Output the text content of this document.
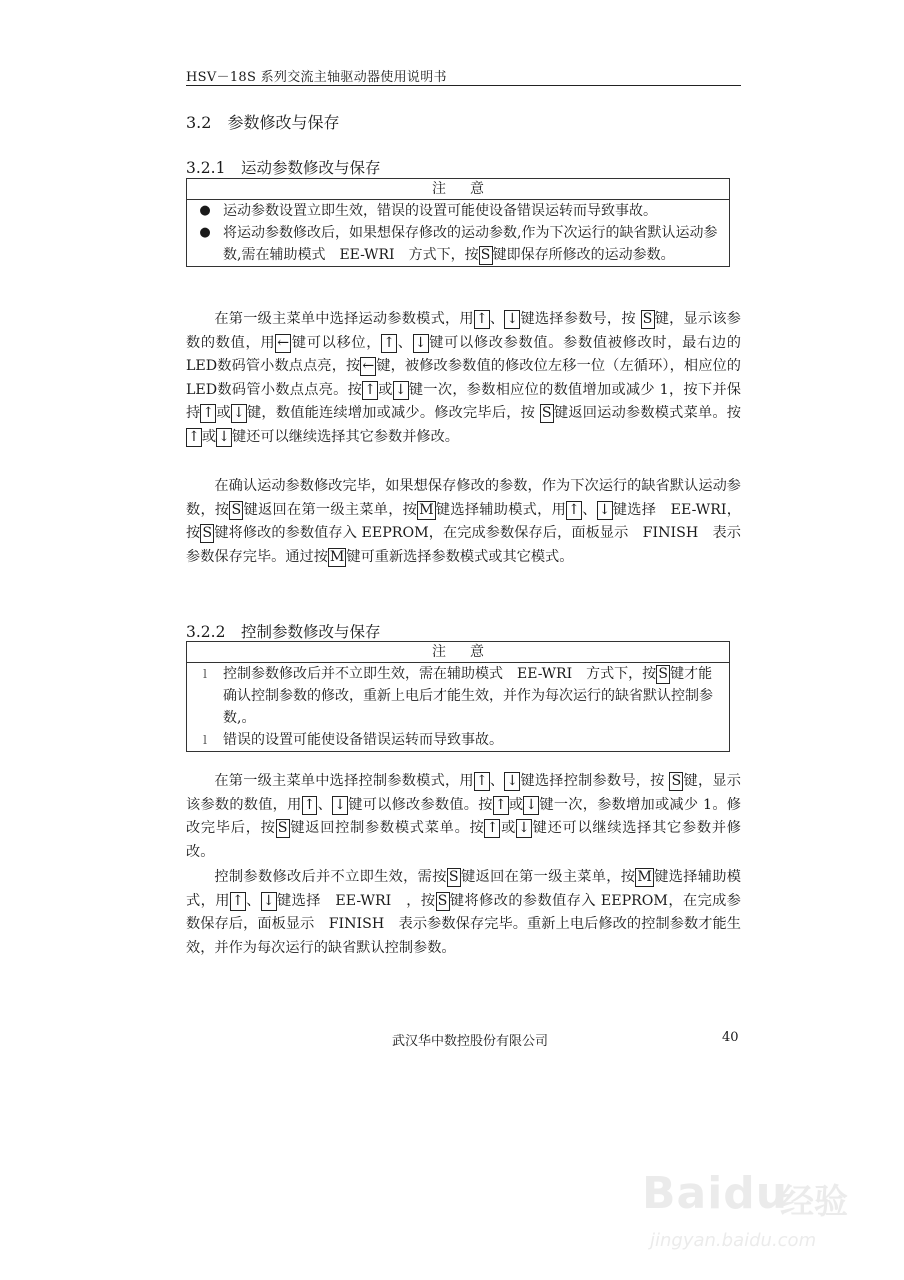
HSV－18S 系列交流主轴驱动器使用说明书
3.2　参数修改与保存
3.2.1　运动参数修改与保存
注意
● 运动参数设置立即生效，错误的设置可能使设备错误运转而导致事故。
● 将运动参数修改后，如果想保存修改的运动参数,作为下次运行的缺省默认运动参数,需在辅助模式　EE-WRI　方式下，按 S 键即保存所修改的运动参数。
在第一级主菜单中选择运动参数模式，用 ↑ 、 ↓ 键选择参数号，按 S 键，显示该参数的数值，用 ← 键可以移位， ↑ 、 ↓ 键可以修改参数值。参数值被修改时，最右边的 LED数码管小数点点亮，按 ← 键，被修改参数值的修改位左移一位（左循环），相应位的 LED数码管小数点点亮。按 ↑ 或 ↓ 键一次，参数相应位的数值增加或减少 1，按下并保持 ↑ 或 ↓ 键，数值能连续增加或减少。修改完毕后，按 S 键返回运动参数模式菜单。按↑ 或 ↓ 键还可以继续选择其它参数并修改。
在确认运动参数修改完毕，如果想保存修改的参数，作为下次运行的缺省默认运动参数，按 S 键返回在第一级主菜单，按 M 键选择辅助模式，用 ↑ 、 ↓ 键选择　EE-WRI，按 S 键将修改的参数值存入 EEPROM，在完成参数保存后，面板显示　FINISH　表示参数保存完毕。通过按 M 键可重新选择参数模式或其它模式。
3.2.2　控制参数修改与保存
注意
l	控制参数修改后并不立即生效，需在辅助模式　EE-WRI　方式下，按 S 键才能确认控制参数的修改，重新上电后才能生效，并作为每次运行的缺省默认控制参数,。
l	错误的设置可能使设备错误运转而导致事故。
在第一级主菜单中选择控制参数模式，用 ↑ 、 ↓ 键选择控制参数号，按 S 键，显示该参数的数值，用 ↑ 、 ↓ 键可以修改参数值。按 ↑ 或 ↓ 键一次，参数增加或减少 1。修改完毕后，按 S 键返回控制参数模式菜单。按 ↑ 或 ↓ 键还可以继续选择其它参数并修改。
控制参数修改后并不立即生效，需按 S 键返回在第一级主菜单，按 M 键选择辅助模式，用 ↑ 、 ↓ 键选择　EE-WRI　，按 S 键将修改的参数值存入 EEPROM，在完成参数保存后，面板显示　FINISH　表示参数保存完毕。重新上电后修改的控制参数才能生效，并作为每次运行的缺省默认控制参数。
武汉华中数控股份有限公司	40
Baidu
经验
jingyan.baidu.com
